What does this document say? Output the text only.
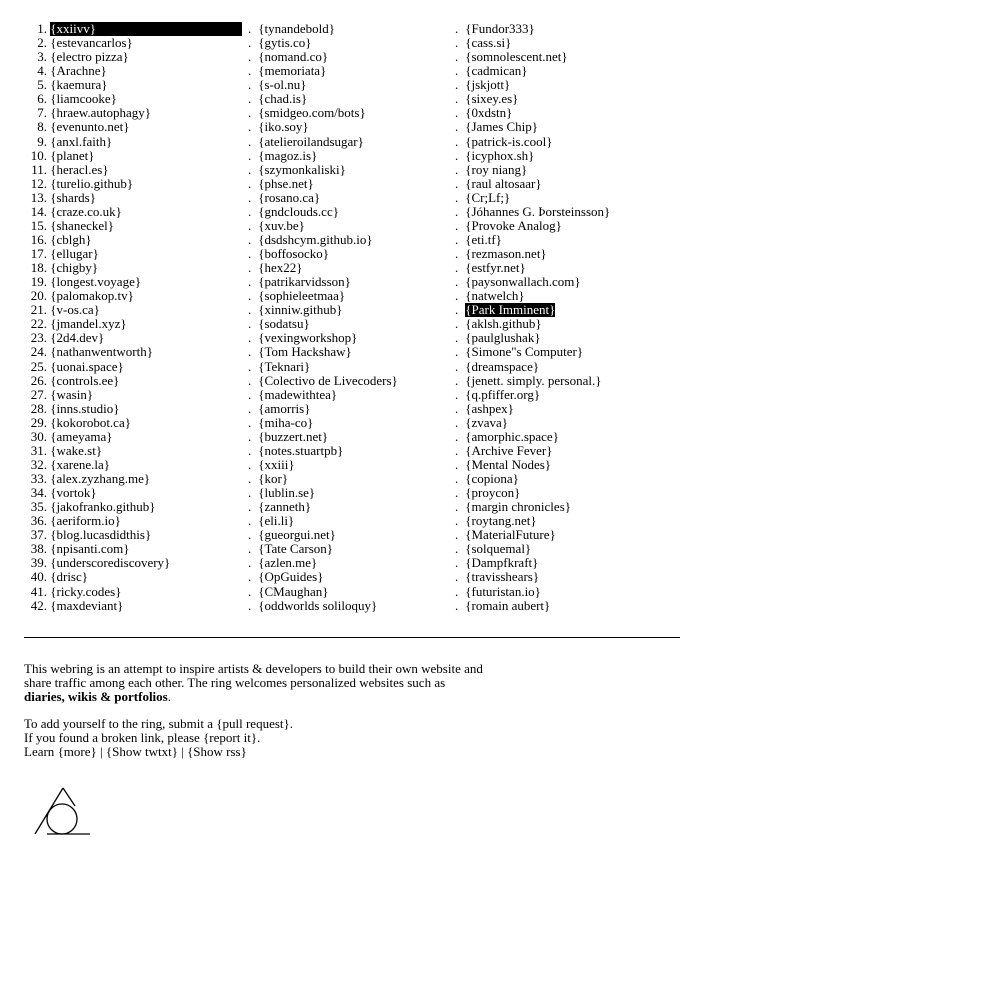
1.
{xxiivv}
2.
{estevancarlos}
3.
{electro pizza}
4.
{Arachne}
5.
{kaemura}
6.
{liamcooke}
7.
{hraew.autophagy}
8.
{evenunto.net}
9.
{anxl.faith}
10.
{planet}
11.
{heracl.es}
12.
{turelio.github}
13.
{shards}
14.
{craze.co.uk}
15.
{shaneckel}
16.
{cblgh}
17.
{ellugar}
18.
{chigby}
19.
{longest.voyage}
20.
{palomakop.tv}
21.
{v-os.ca}
22.
{jmandel.xyz}
23.
{2d4.dev}
24.
{nathanwentworth}
25.
{uonai.space}
26.
{controls.ee}
27.
{wasin}
28.
{inns.studio}
29.
{kokorobot.ca}
30.
{ameyama}
31.
{wake.st}
32.
{xarene.la}
33.
{alex.zyzhang.me}
34.
{vortok}
35.
{jakofranko.github}
36.
{aeriform.io}
37.
{blog.lucasdidthis}
38.
{npisanti.com}
39.
{underscorediscovery}
40.
{drisc}
41.
{ricky.codes}
42.
{maxdeviant}
.
{tynandebold}
.
{gytis.co}
.
{nomand.co}
.
{memoriata}
.
{s-ol.nu}
.
{chad.is}
.
{smidgeo.com/bots}
.
{iko.soy}
.
{atelieroilandsugar}
.
{magoz.is}
.
{szymonkaliski}
.
{phse.net}
.
{rosano.ca}
.
{gndclouds.cc}
.
{xuv.be}
.
{dsdshcym.github.io}
.
{boffosocko}
.
{hex22}
.
{patrikarvidsson}
.
{sophieleetmaa}
.
{xinniw.github}
.
{sodatsu}
.
{vexingworkshop}
.
{Tom Hackshaw}
.
{Teknari}
.
{Colectivo de Livecoders}
.
{madewithtea}
.
{amorris}
.
{miha-co}
.
{buzzert.net}
.
{notes.stuartpb}
.
{xxiii}
.
{kor}
.
{lublin.se}
.
{zanneth}
.
{eli.li}
.
{gueorgui.net}
.
{Tate Carson}
.
{azlen.me}
.
{OpGuides}
.
{CMaughan}
.
{oddworlds soliloquy}
.
{Fundor333}
.
{cass.si}
.
{somnolescent.net}
.
{cadmican}
.
{jskjott}
.
{sixey.es}
.
{0xdstn}
.
{James Chip}
.
{patrick-is.cool}
.
{icyphox.sh}
.
{roy niang}
.
{raul altosaar}
.
{Cr;Lf;}
.
{Jóhannes G. Þorsteinsson}
.
{Provoke Analog}
.
{eti.tf}
.
{rezmason.net}
.
{estfyr.net}
.
{paysonwallach.com}
.
{natwelch}
.
{Park Imminent}
.
{aklsh.github}
.
{paulglushak}
.
{Simone"s Computer}
.
{dreamspace}
.
{jenett. simply. personal.}
.
{q.pfiffer.org}
.
{ashpex}
.
{zvava}
.
{amorphic.space}
.
{Archive Fever}
.
{Mental Nodes}
.
{copiona}
.
{proycon}
.
{margin chronicles}
.
{roytang.net}
.
{MaterialFuture}
.
{solquemal}
.
{Dampfkraft}
.
{travisshears}
.
{futuristan.io}
.
{romain aubert}

This webring is an attempt to inspire artists & developers to build their own website and share traffic among each other. The ring welcomes personalized websites such as diaries, wikis & portfolios.

To add yourself to the ring, submit a {pull request}.
If you found a broken link, please {report it}.
Learn {more} | {Show twtxt} | {Show rss}
